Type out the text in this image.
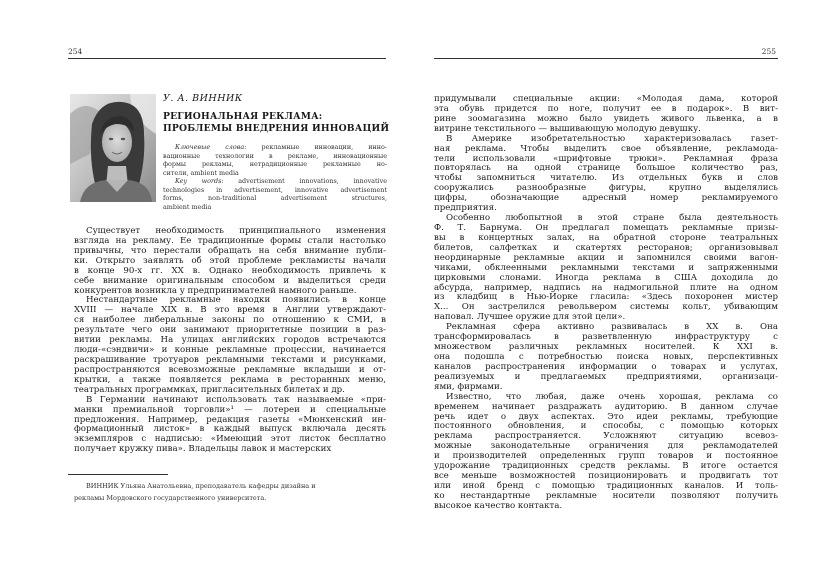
254
У. А. ВИННИК
РЕГИОНАЛЬНАЯ РЕКЛАМА:
ПРОБЛЕМЫ ВНЕДРЕНИЯ ИННОВАЦИЙ
Ключевые слова: рекламные инновации, инно-
вационные технологии в рекламе, инновационные
формы рекламы, нетрадиционные рекламные но-
сители, ambient media
Key words: advertisement innovations, innovative
technologies in advertisement, innovative advertisement
forms, non-traditional advertisement structures,
ambient media
Существует необходимость принципиального изменения
взгляда на рекламу. Ее традиционные формы стали настолько
привычны, что перестали обращать на себя внимание публи-
ки. Открыто заявлять об этой проблеме рекламисты начали
в конце 90-х гг. XX в. Однако необходимость привлечь к
себе внимание оригинальным способом и выделиться среди
конкурентов возникла у предпринимателей намного раньше.
Нестандартные рекламные находки появились в конце
XVIII — начале XIX в. В это время в Англии утверждают-
ся наиболее либеральные законы по отношению к СМИ, в
результате чего они занимают приоритетные позиции в раз-
витии рекламы. На улицах английских городов встречаются
люди-«сэндвичи» и конные рекламные процессии, начинается
раскрашивание тротуаров рекламными текстами и рисунками,
распространяются всевозможные рекламные вкладыши и от-
крытки, а также появляется реклама в ресторанных меню,
театральных программках, пригласительных билетах и др.
В Германии начинают использовать так называемые «при-
манки премиальной торговли»¹ — лотереи и специальные
предложения. Например, редакция газеты «Мюнхенский ин-
формационный листок» в каждый выпуск включала десять
экземпляров с надписью: «Имеющий этот листок бесплатно
получает кружку пива». Владельцы лавок и мастерских
ВИННИК Ульяна Анатольевна, преподаватель кафедры дизайна и
рекламы Мордовского государственного университета.
255
придумывали специальные акции: «Молодая дама, которой
эта обувь придется по ноге, получит ее в подарок». В вит-
рине зоомагазина можно было увидеть живого львенка, а в
витрине текстильного — вышивающую молодую девушку.
В Америке изобретательностью характеризовалась газет-
ная реклама. Чтобы выделить свое объявление, рекламода-
тели использовали «шрифтовые трюки». Рекламная фраза
повторялась на одной странице большое количество раз,
чтобы запомниться читателю. Из отдельных букв и слов
сооружались разнообразные фигуры, крупно выделялись
цифры, обозначающие адресный номер рекламируемого
предприятия.
Особенно любопытной в этой стране была деятельность
Ф. Т. Барнума. Он предлагал помещать рекламные призы-
вы в концертных залах, на обратной стороне театральных
билетов, салфетках и скатертях ресторанов; организовывал
неординарные рекламные акции и запомнился своими вагон-
чиками, обклеенными рекламными текстами и запряженными
цирковыми слонами. Иногда реклама в США доходила до
абсурда, например, надпись на надмогильной плите на одном
из кладбищ в Нью-Йорке гласила: «Здесь похоронен мистер
Х... Он застрелился револьвером системы кольт, убивающим
наповал. Лучшее оружие для этой цели».
Рекламная сфера активно развивалась в XX в. Она
трансформировалась в разветвленную инфраструктуру с
множеством различных рекламных носителей. К XXI в.
она подошла с потребностью поиска новых, перспективных
каналов распространения информации о товарах и услугах,
реализуемых и предлагаемых предприятиями, организаци-
ями, фирмами.
Известно, что любая, даже очень хорошая, реклама со
временем начинает раздражать аудиторию. В данном случае
речь идет о двух аспектах. Это идеи рекламы, требующие
постоянного обновления, и способы, с помощью которых
реклама распространяется. Усложняют ситуацию всевоз-
можные законодательные ограничения для рекламодателей
и производителей определенных групп товаров и постоянное
удорожание традиционных средств рекламы. В итоге остается
все меньше возможностей позиционировать и продвигать тот
или иной бренд с помощью традиционных каналов. И толь-
ко нестандартные рекламные носители позволяют получить
высокое качество контакта.
